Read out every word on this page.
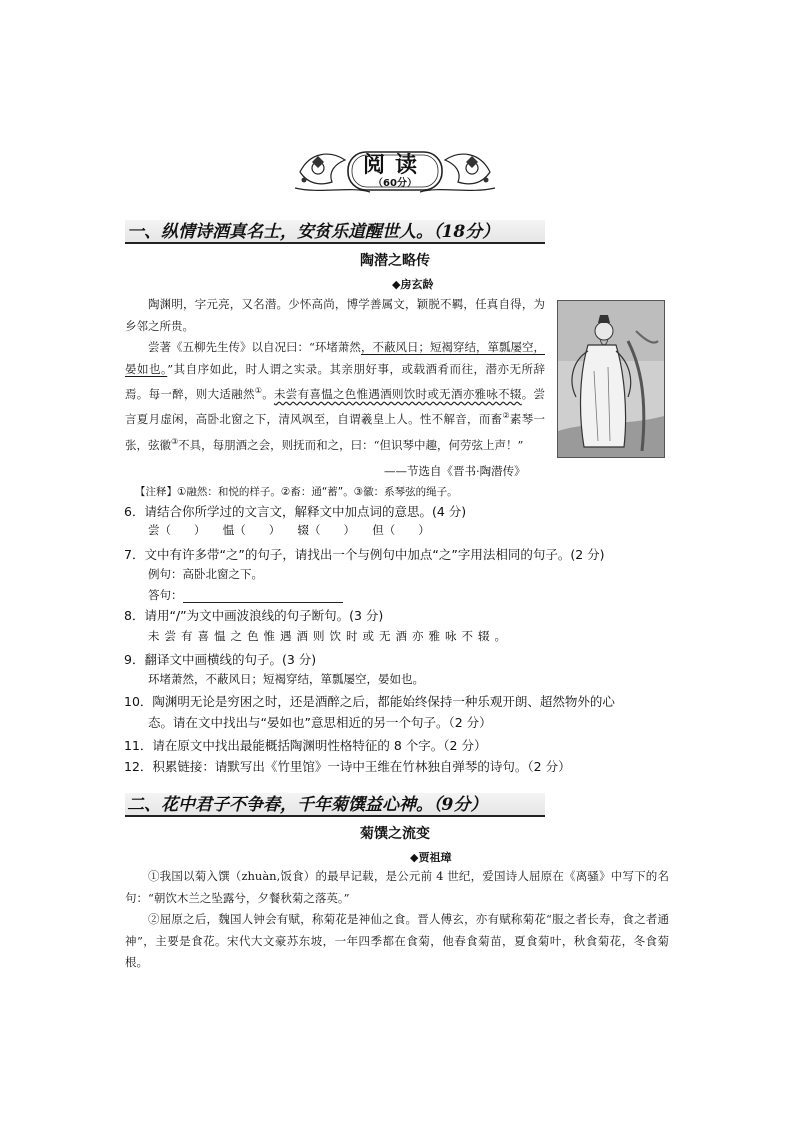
阅读
（60分）
一、纵情诗酒真名士，安贫乐道醒世人。（18分）
陶潜之略传
◆房玄龄

陶渊明，字元亮，又名潜。少怀高尚，博学善属文，颖脱不羁，任真自得，为乡邻之所贵。

尝著《五柳先生传》以自况曰：“环堵萧然，不蔽风日；短褐穿结，箪瓢屡空，晏如也。”其自序如此，时人谓之实录。其亲朋好事，或载酒肴而往，潜亦无所辞焉。每一醉，则大适融然①。未尝有喜愠之色惟遇酒则饮时或无酒亦雅咏不辍。尝言夏月虚闲，高卧北窗之下，清风飒至，自谓羲皇上人。性不解音，而畜②素琴一张，弦徽③不具，每朋酒之会，则抚而和之，曰：“但识琴中趣，何劳弦上声！”

——节选自《晋书·陶潜传》
【注释】①融然：和悦的样子。②畜：通“蓄”。③徽：系琴弦的绳子。
6．请结合你所学过的文言文，解释文中加点词的意思。(4 分)
尝（　　）　　愠（　　）　　辍（　　）　　但（　　）
7．文中有许多带“之”的句子，请找出一个与例句中加点“之”字用法相同的句子。(2 分)
例句：高卧北窗之下。
答句：
8．请用“/”为文中画波浪线的句子断句。(3 分)
未尝有喜愠之色惟遇酒则饮时或无酒亦雅咏不辍。
9．翻译文中画横线的句子。(3 分)
环堵萧然，不蔽风日；短褐穿结，箪瓢屡空，晏如也。
10．陶渊明无论是穷困之时，还是酒醉之后，都能始终保持一种乐观开朗、超然物外的心
态。请在文中找出与“晏如也”意思相近的另一个句子。（2 分）
11．请在原文中找出最能概括陶渊明性格特征的 8 个字。（2 分）
12．积累链接：请默写出《竹里馆》一诗中王维在竹林独自弹琴的诗句。（2 分）
二、花中君子不争春，千年菊馔益心神。（9分）
菊馔之流变
◆贾祖璋

①我国以菊入馔（zhuàn,饭食）的最早记载，是公元前 4 世纪，爱国诗人屈原在《离骚》中写下的名句：“朝饮木兰之坠露兮，夕餐秋菊之落英。”

②屈原之后，魏国人钟会有赋，称菊花是神仙之食。晋人傅玄，亦有赋称菊花“服之者长寿，食之者通神”，主要是食花。宋代大文豪苏东坡，一年四季都在食菊，他春食菊苗，夏食菊叶，秋食菊花，冬食菊根。
